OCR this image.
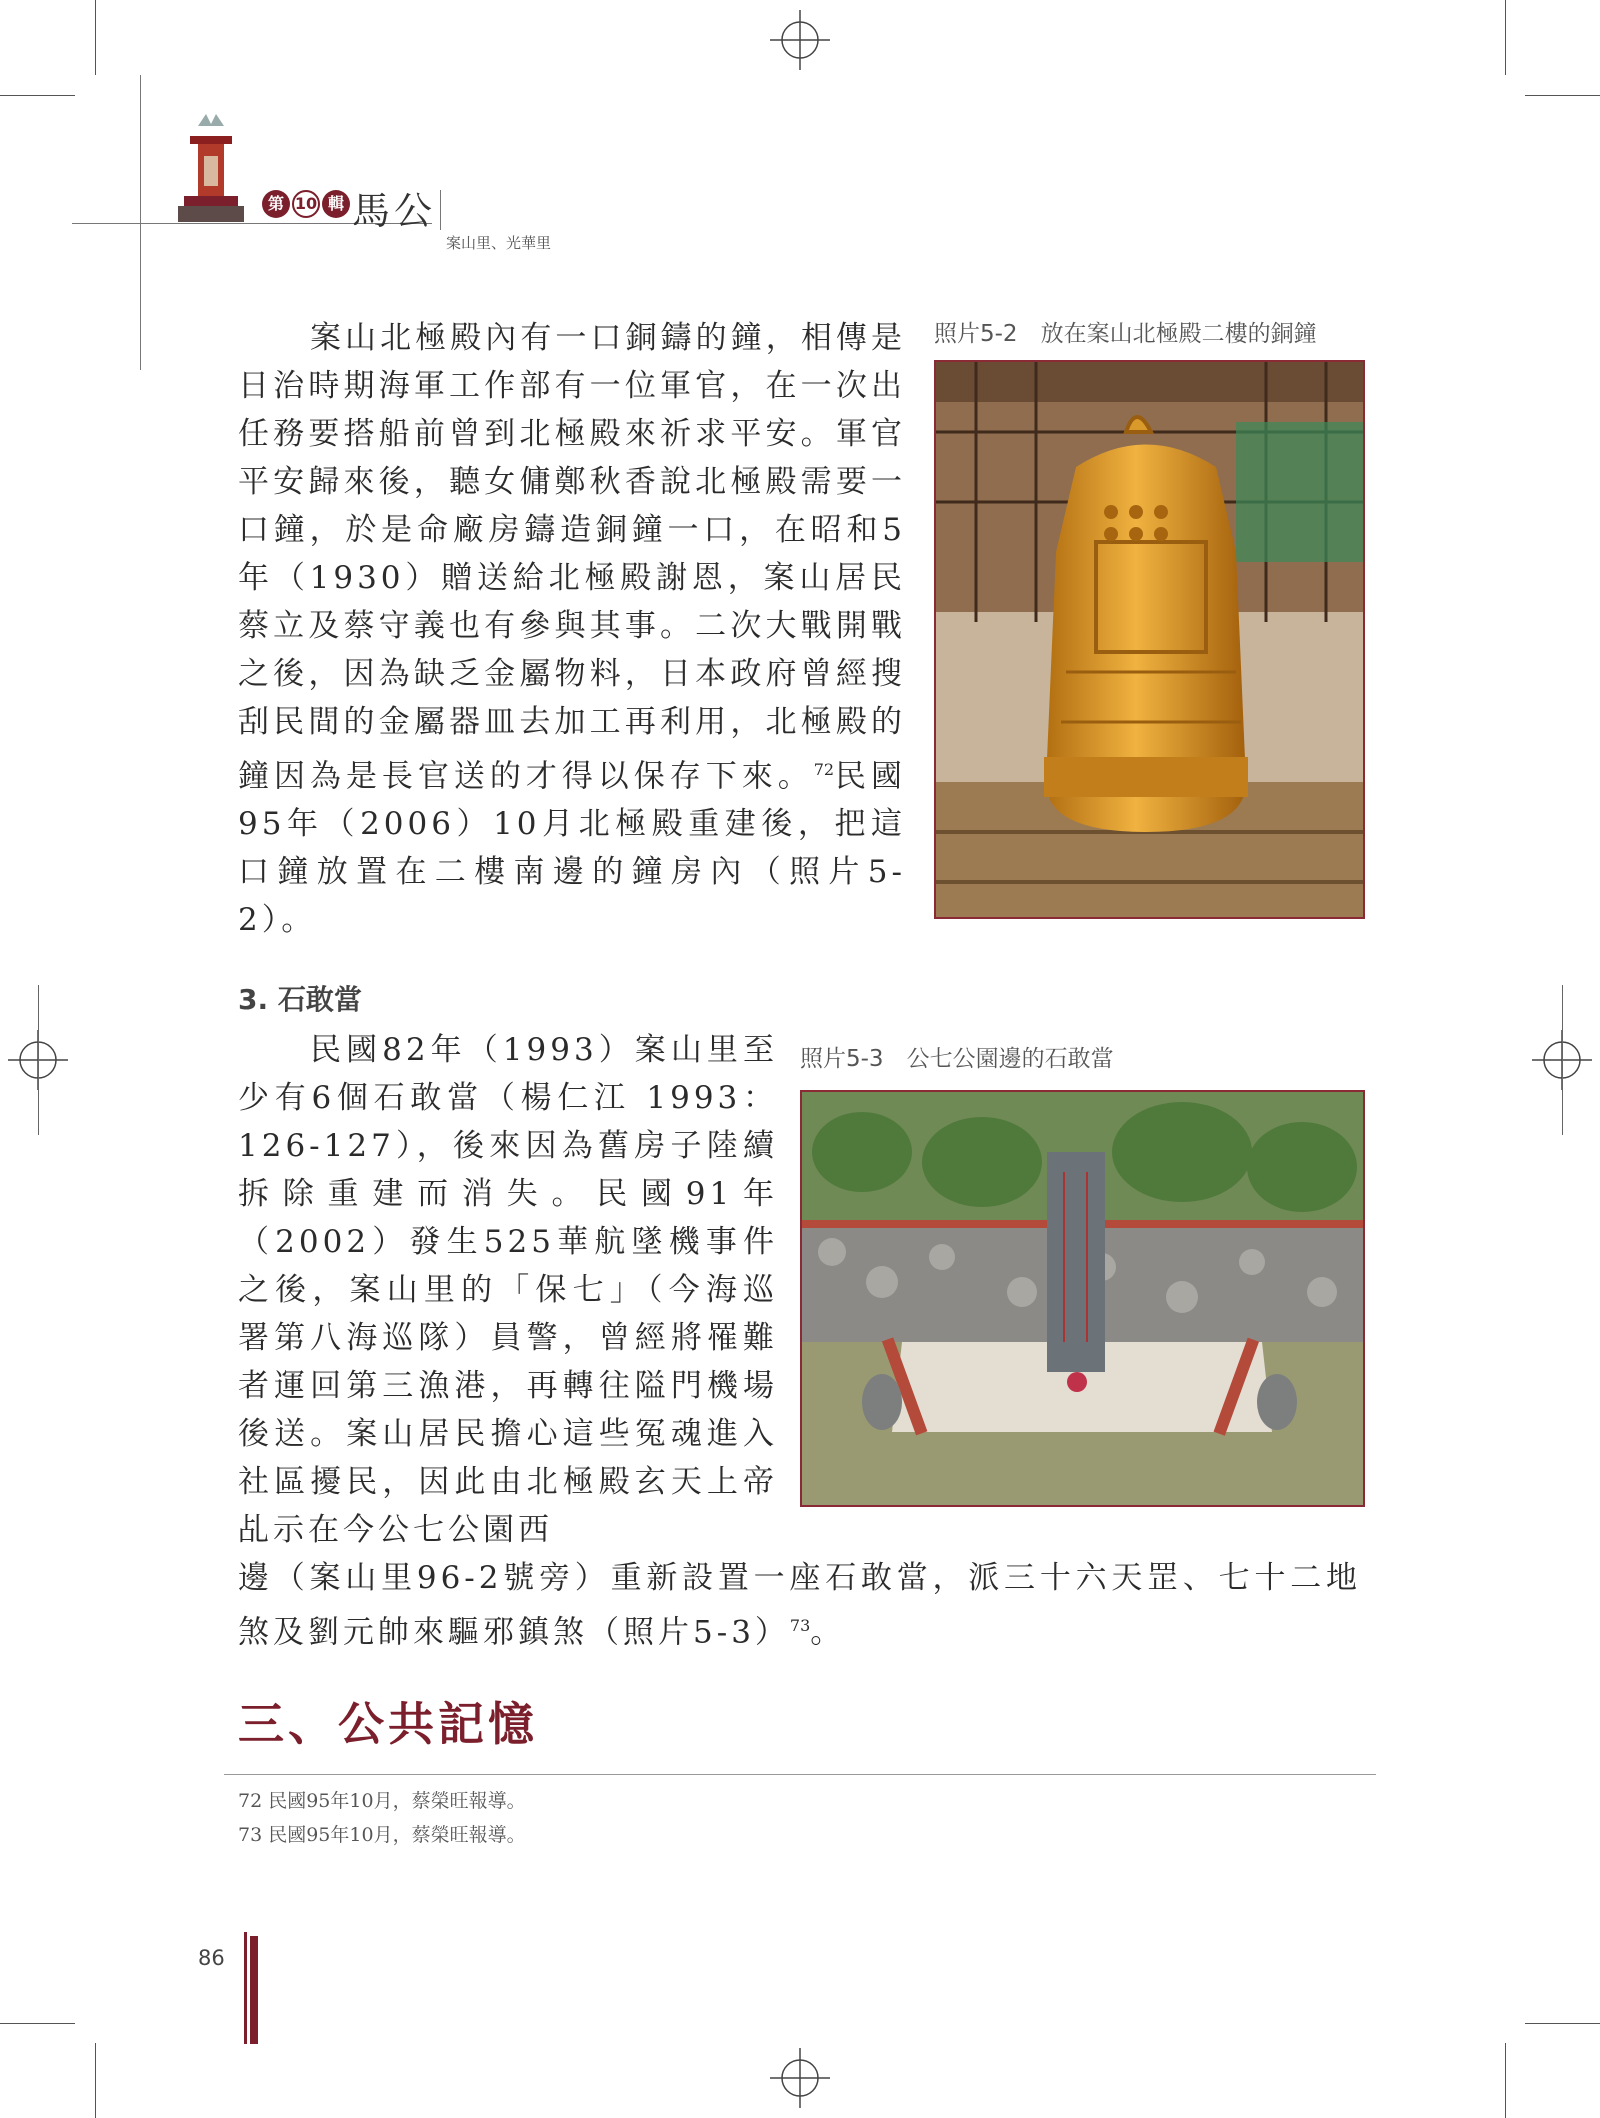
第 10 輯 馬公
案山里、光華里

案山北極殿內有一口銅鑄的鐘，相傳是日治時期海軍工作部有一位軍官，在一次出任務要搭船前曾到北極殿來祈求平安。軍官平安歸來後，聽女傭鄭秋香說北極殿需要一口鐘，於是命廠房鑄造銅鐘一口，在昭和5年（1930）贈送給北極殿謝恩，案山居民蔡立及蔡守義也有參與其事。二次大戰開戰之後，因為缺乏金屬物料，日本政府曾經搜刮民間的金屬器皿去加工再利用，北極殿的鐘因為是長官送的才得以保存下來。$^{72}$民國95年（2006）10月北極殿重建後，把這口鐘放置在二樓南邊的鐘房內（照片5-2）。

照片5-2　放在案山北極殿二樓的銅鐘
3. 石敢當
照片5-3　公七公園邊的石敢當

民國82年（1993）案山里至少有6個石敢當（楊仁江 1993：126-127），後來因為舊房子陸續拆除重建而消失。民國91年（2002）發生525華航墜機事件之後，案山里的「保七」（今海巡署第八海巡隊）員警，曾經將罹難者運回第三漁港，再轉往隘門機場後送。案山居民擔心這些冤魂進入社區擾民，因此由北極殿玄天上帝乩示在今公七公園西

邊（案山里96-2號旁）重新設置一座石敢當，派三十六天罡、七十二地煞及劉元帥來驅邪鎮煞（照片5-3）$^{73}$。

三、公共記憶
72 民國95年10月，蔡榮旺報導。
73 民國95年10月，蔡榮旺報導。
86
